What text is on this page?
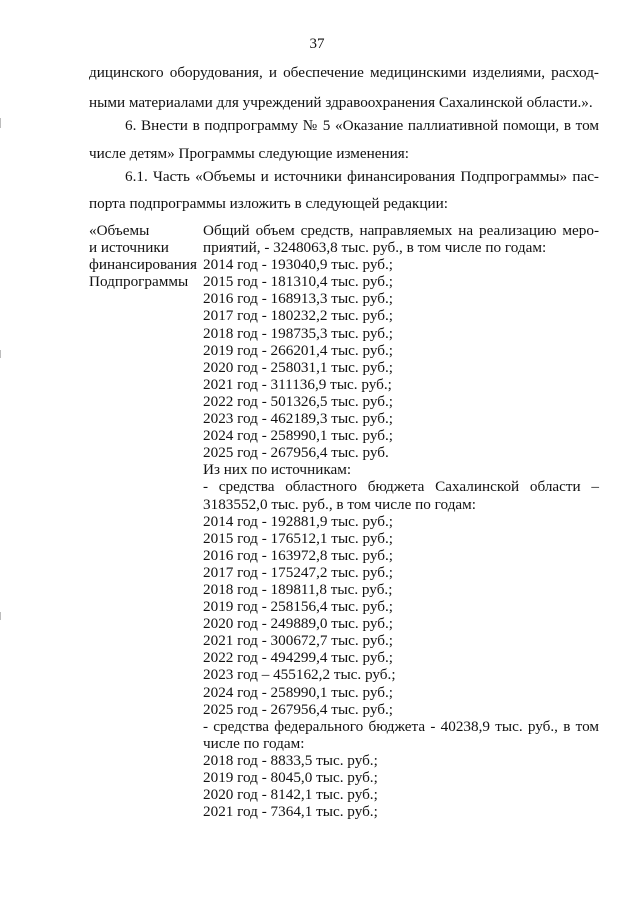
37
дицинского оборудования, и обеспечение медицинскими изделиями, расход-
ными материалами для учреждений здравоохранения Сахалинской области.».
6. Внести в подпрограмму № 5 «Оказание паллиативной помощи, в том
числе детям» Программы следующие изменения:
6.1. Часть «Объемы и источники финансирования Подпрограммы» пас-
порта подпрограммы изложить в следующей редакции:
«Объемы
и источники
финансирования
Подпрограммы
Общий объем средств, направляемых на реализацию меро-
приятий, - 3248063,8 тыс. руб., в том числе по годам:
2014 год - 193040,9 тыс. руб.;
2015 год - 181310,4 тыс. руб.;
2016 год - 168913,3 тыс. руб.;
2017 год - 180232,2 тыс. руб.;
2018 год - 198735,3 тыс. руб.;
2019 год - 266201,4 тыс. руб.;
2020 год - 258031,1 тыс. руб.;
2021 год - 311136,9 тыс. руб.;
2022 год - 501326,5 тыс. руб.;
2023 год - 462189,3 тыс. руб.;
2024 год - 258990,1 тыс. руб.;
2025 год - 267956,4 тыс. руб.
Из них по источникам:
- средства областного бюджета Сахалинской области –
3183552,0 тыс. руб., в том числе по годам:
2014 год - 192881,9 тыс. руб.;
2015 год - 176512,1 тыс. руб.;
2016 год - 163972,8 тыс. руб.;
2017 год - 175247,2 тыс. руб.;
2018 год - 189811,8 тыс. руб.;
2019 год - 258156,4 тыс. руб.;
2020 год - 249889,0 тыс. руб.;
2021 год - 300672,7 тыс. руб.;
2022 год - 494299,4 тыс. руб.;
2023 год – 455162,2 тыс. руб.;
2024 год - 258990,1 тыс. руб.;
2025 год - 267956,4 тыс. руб.;
- средства федерального бюджета - 40238,9 тыс. руб., в том
числе по годам:
2018 год - 8833,5 тыс. руб.;
2019 год - 8045,0 тыс. руб.;
2020 год - 8142,1 тыс. руб.;
2021 год - 7364,1 тыс. руб.;
